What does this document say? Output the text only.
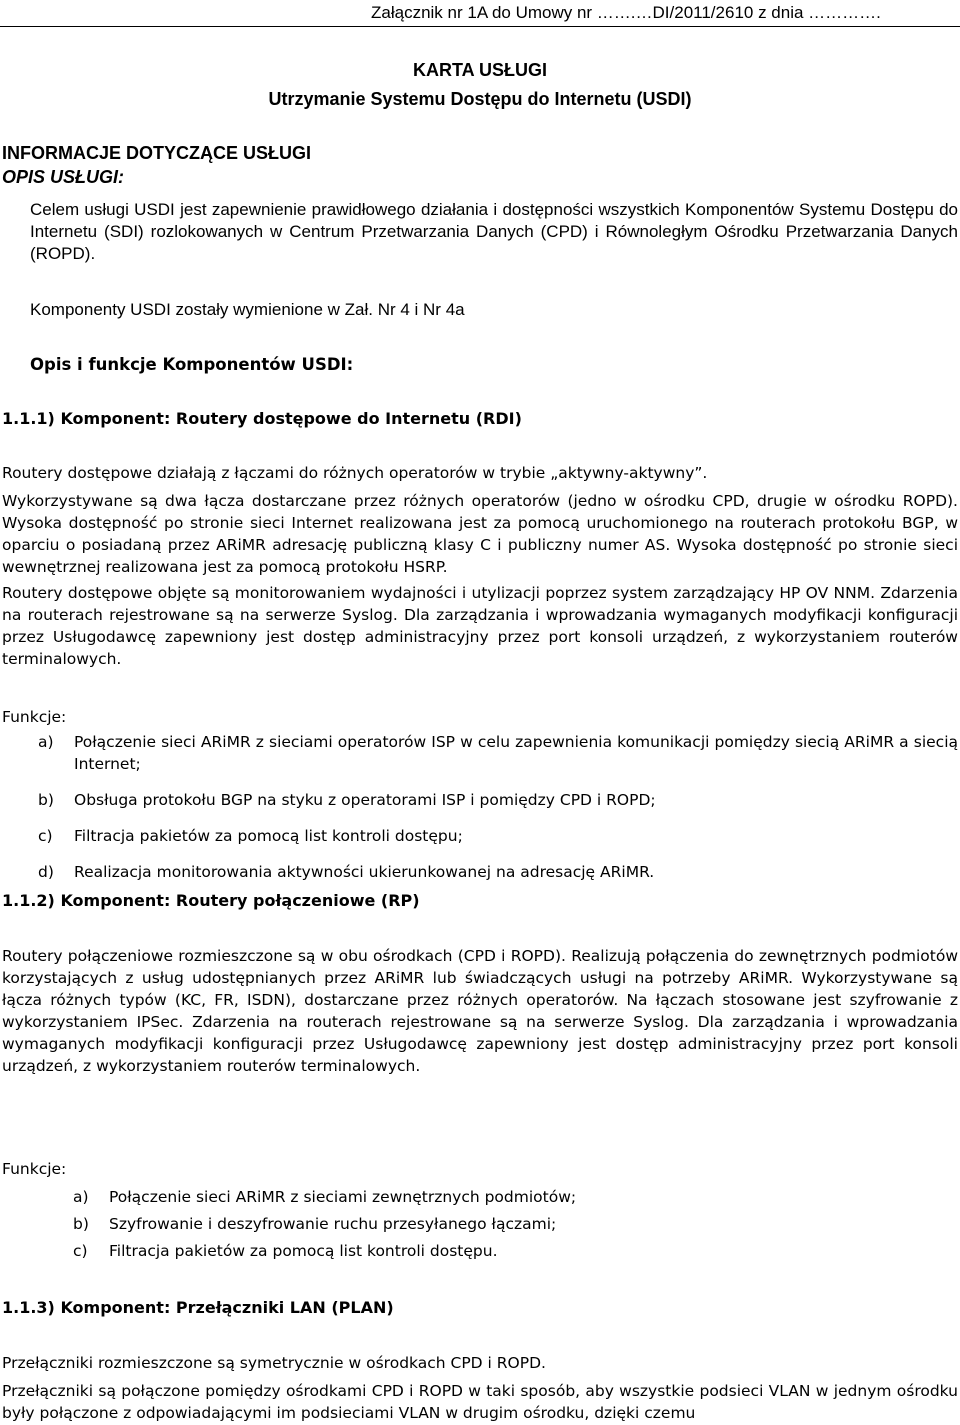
Załącznik nr 1A do Umowy nr …….…DI/2011/2610 z dnia ………….
KARTA USŁUGI
Utrzymanie Systemu Dostępu do Internetu (USDI)
INFORMACJE DOTYCZĄCE USŁUGI
OPIS USŁUGI:

Celem usługi USDI jest zapewnienie prawidłowego działania i dostępności wszystkich Komponentów Systemu Dostępu do Internetu (SDI) rozlokowanych w Centrum Przetwarzania Danych (CPD) i Równoległym Ośrodku Przetwarzania Danych (ROPD).

Komponenty USDI zostały wymienione w Zał. Nr 4 i Nr 4a
Opis i funkcje Komponentów USDI:
1.1.1) Komponent: Routery dostępowe do Internetu (RDI)
Routery dostępowe działają z łączami do różnych operatorów w trybie „aktywny-aktywny”.

Wykorzystywane są dwa łącza dostarczane przez różnych operatorów (jedno w ośrodku CPD, drugie w ośrodku ROPD). Wysoka dostępność po stronie sieci Internet realizowana jest za pomocą uruchomionego na routerach protokołu BGP, w oparciu o posiadaną przez ARiMR adresację publiczną klasy C i publiczny numer AS. Wysoka dostępność po stronie sieci wewnętrznej realizowana jest za pomocą protokołu HSRP.

Routery dostępowe objęte są monitorowaniem wydajności i utylizacji poprzez system zarządzający HP OV NNM. Zdarzenia na routerach rejestrowane są na serwerze Syslog. Dla zarządzania i wprowadzania wymaganych modyfikacji konfiguracji przez Usługodawcę zapewniony jest dostęp administracyjny przez port konsoli urządzeń, z wykorzystaniem routerów terminalowych.

Funkcje:
a) Połączenie sieci ARiMR z sieciami operatorów ISP w celu zapewnienia komunikacji pomiędzy siecią ARiMR a siecią Internet;
b) Obsługa protokołu BGP na styku z operatorami ISP i pomiędzy CPD i ROPD;
c) Filtracja pakietów za pomocą list kontroli dostępu;
d) Realizacja monitorowania aktywności ukierunkowanej na adresację ARiMR.
1.1.2) Komponent: Routery połączeniowe (RP)

Routery połączeniowe rozmieszczone są w obu ośrodkach (CPD i ROPD). Realizują połączenia do zewnętrznych podmiotów korzystających z usług udostępnianych przez ARiMR lub świadczących usługi na potrzeby ARiMR. Wykorzystywane są łącza różnych typów (KC, FR, ISDN), dostarczane przez różnych operatorów. Na łączach stosowane jest szyfrowanie z wykorzystaniem IPSec. Zdarzenia na routerach rejestrowane są na serwerze Syslog. Dla zarządzania i wprowadzania wymaganych modyfikacji konfiguracji przez Usługodawcę zapewniony jest dostęp administracyjny przez port konsoli urządzeń, z wykorzystaniem routerów terminalowych.

Funkcje:
a) Połączenie sieci ARiMR z sieciami zewnętrznych podmiotów;
b) Szyfrowanie i deszyfrowanie ruchu przesyłanego łączami;
c) Filtracja pakietów za pomocą list kontroli dostępu.
1.1.3) Komponent: Przełączniki LAN (PLAN)
Przełączniki rozmieszczone są symetrycznie w ośrodkach CPD i ROPD.

Przełączniki są połączone pomiędzy ośrodkami CPD i ROPD w taki sposób, aby wszystkie podsieci VLAN w jednym ośrodku były połączone z odpowiadającymi im podsieciami VLAN w drugim ośrodku, dzięki czemu
